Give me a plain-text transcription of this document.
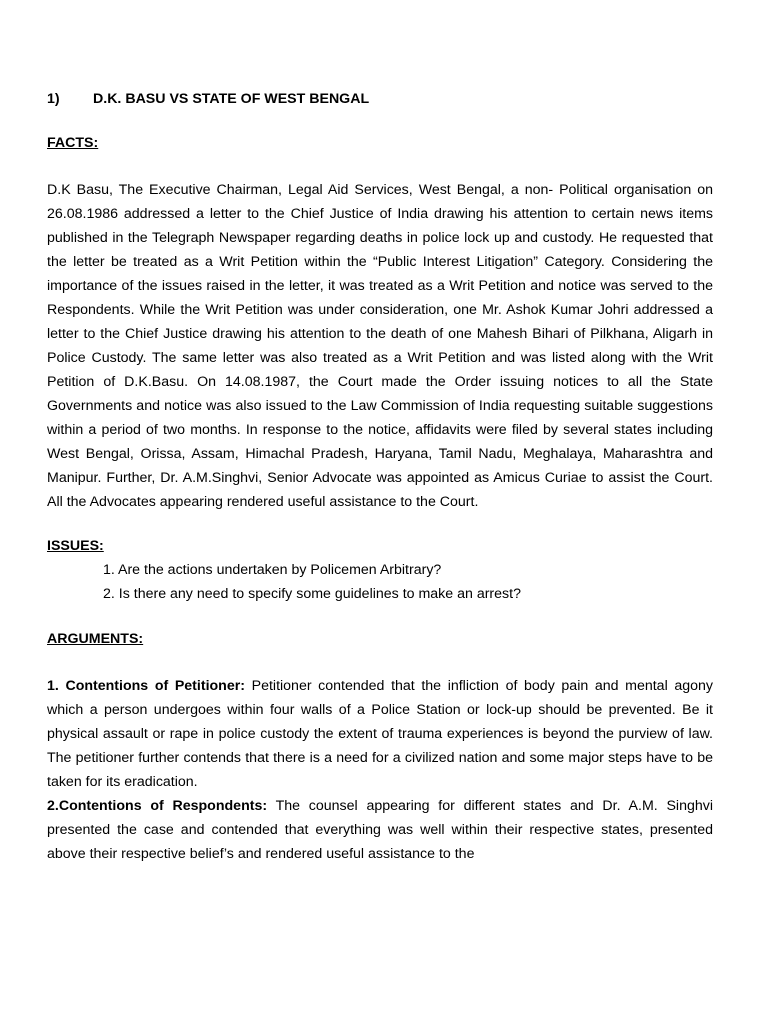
1)	D.K. BASU VS STATE OF WEST BENGAL
FACTS:

D.K Basu, The Executive Chairman, Legal Aid Services, West Bengal, a non- Political organisation on 26.08.1986 addressed a letter to the Chief Justice of India drawing his attention to certain news items published in the Telegraph Newspaper regarding deaths in police lock up and custody. He requested that the letter be treated as a Writ Petition within the “Public Interest Litigation” Category. Considering the importance of the issues raised in the letter, it was treated as a Writ Petition and notice was served to the Respondents. While the Writ Petition was under consideration, one Mr. Ashok Kumar Johri addressed a letter to the Chief Justice drawing his attention to the death of one Mahesh Bihari of Pilkhana, Aligarh in Police Custody. The same letter was also treated as a Writ Petition and was listed along with the Writ Petition of D.K.Basu. On 14.08.1987, the Court made the Order issuing notices to all the State Governments and notice was also issued to the Law Commission of India requesting suitable suggestions within a period of two months. In response to the notice, affidavits were filed by several states including West Bengal, Orissa, Assam, Himachal Pradesh, Haryana, Tamil Nadu, Meghalaya, Maharashtra and Manipur. Further, Dr. A.M.Singhvi, Senior Advocate was appointed as Amicus Curiae to assist the Court. All the Advocates appearing rendered useful assistance to the Court.

ISSUES:
1. Are the actions undertaken by Policemen Arbitrary?
2. Is there any need to specify some guidelines to make an arrest?
ARGUMENTS:

1. Contentions of Petitioner: Petitioner contended that the infliction of body pain and mental agony which a person undergoes within four walls of a Police Station or lock-up should be prevented. Be it physical assault or rape in police custody the extent of trauma experiences is beyond the purview of law. The petitioner further contends that there is a need for a civilized nation and some major steps have to be taken for its eradication.

2.Contentions of Respondents: The counsel appearing for different states and Dr. A.M. Singhvi presented the case and contended that everything was well within their respective states, presented above their respective belief’s and rendered useful assistance to the
